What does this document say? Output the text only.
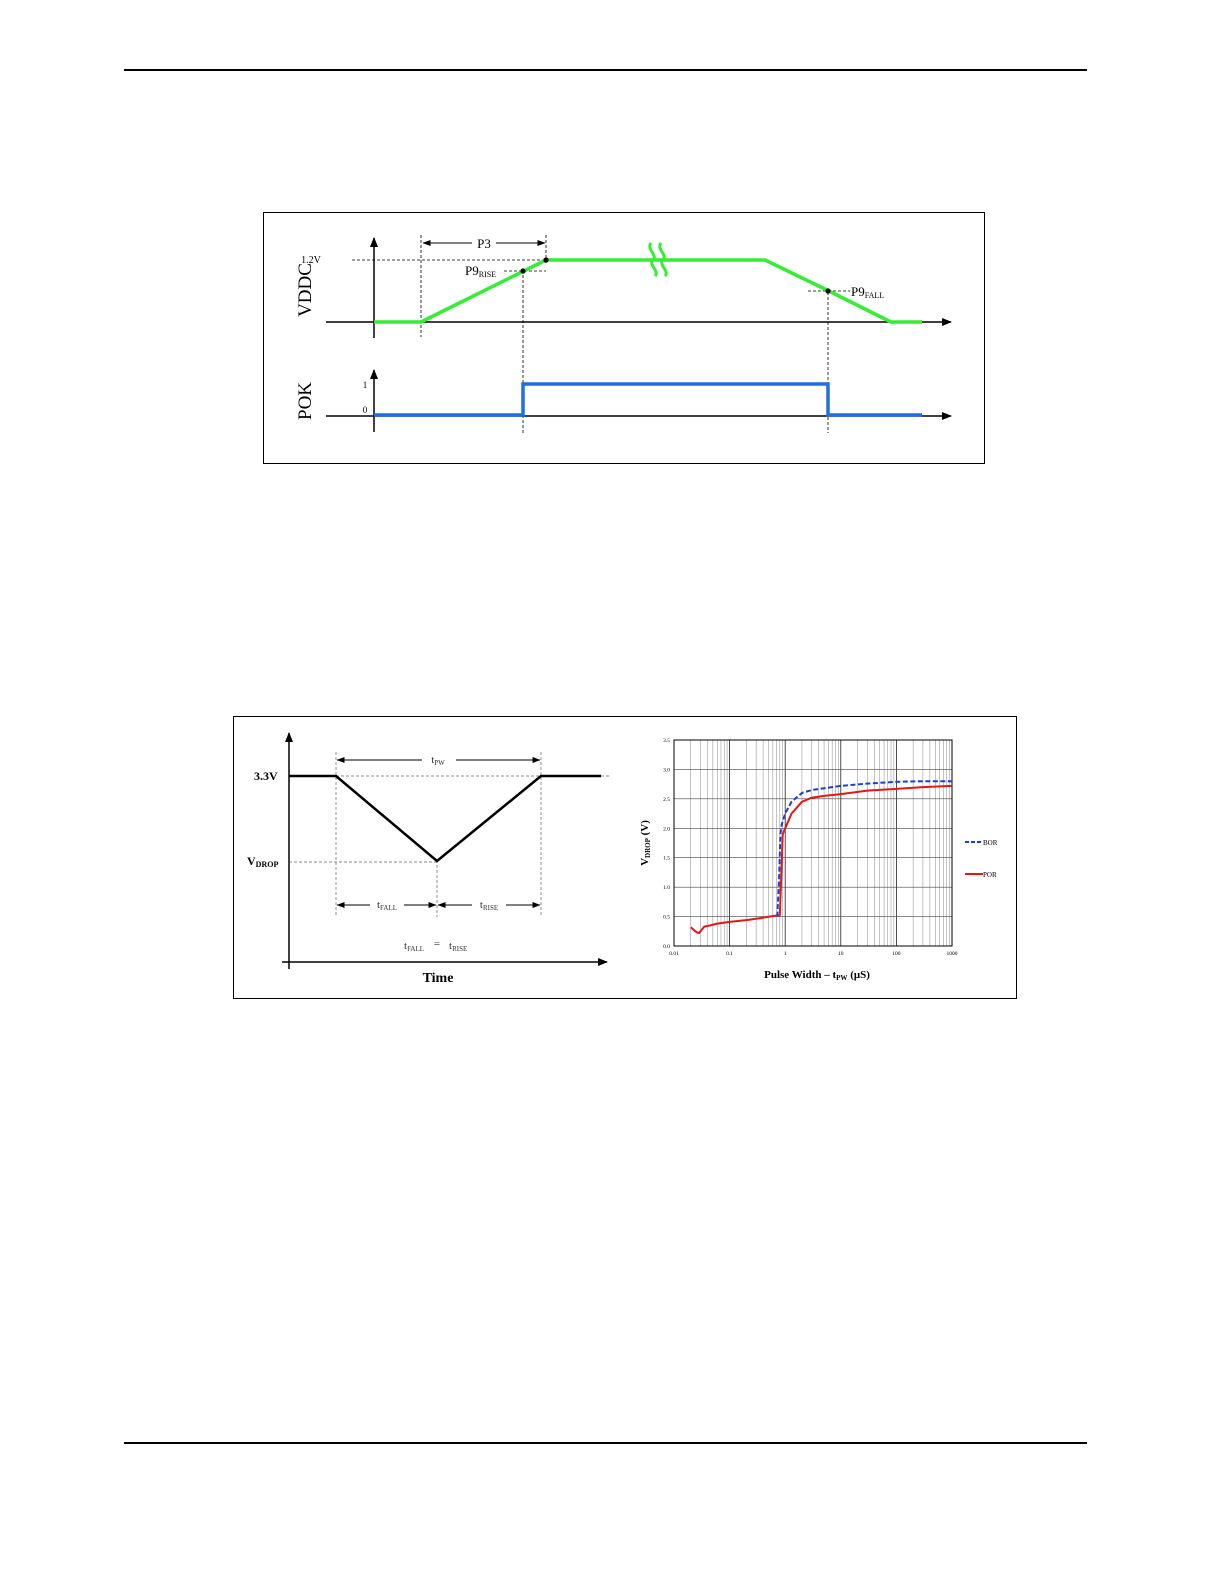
P3
1.2V
1
0
VDDC
POK
P9RISE
P9FALL
tPW
tFALL	tRISE
tFALL = tRISE
3.3V
VDROP
Time
0.0
0.5
1.0
1.5
2.0
2.5
3.0
3.5
0.01	0.1	1	10	100	1000
VDROP (V)
Pulse Width – tPW (μS)
BOR
POR
